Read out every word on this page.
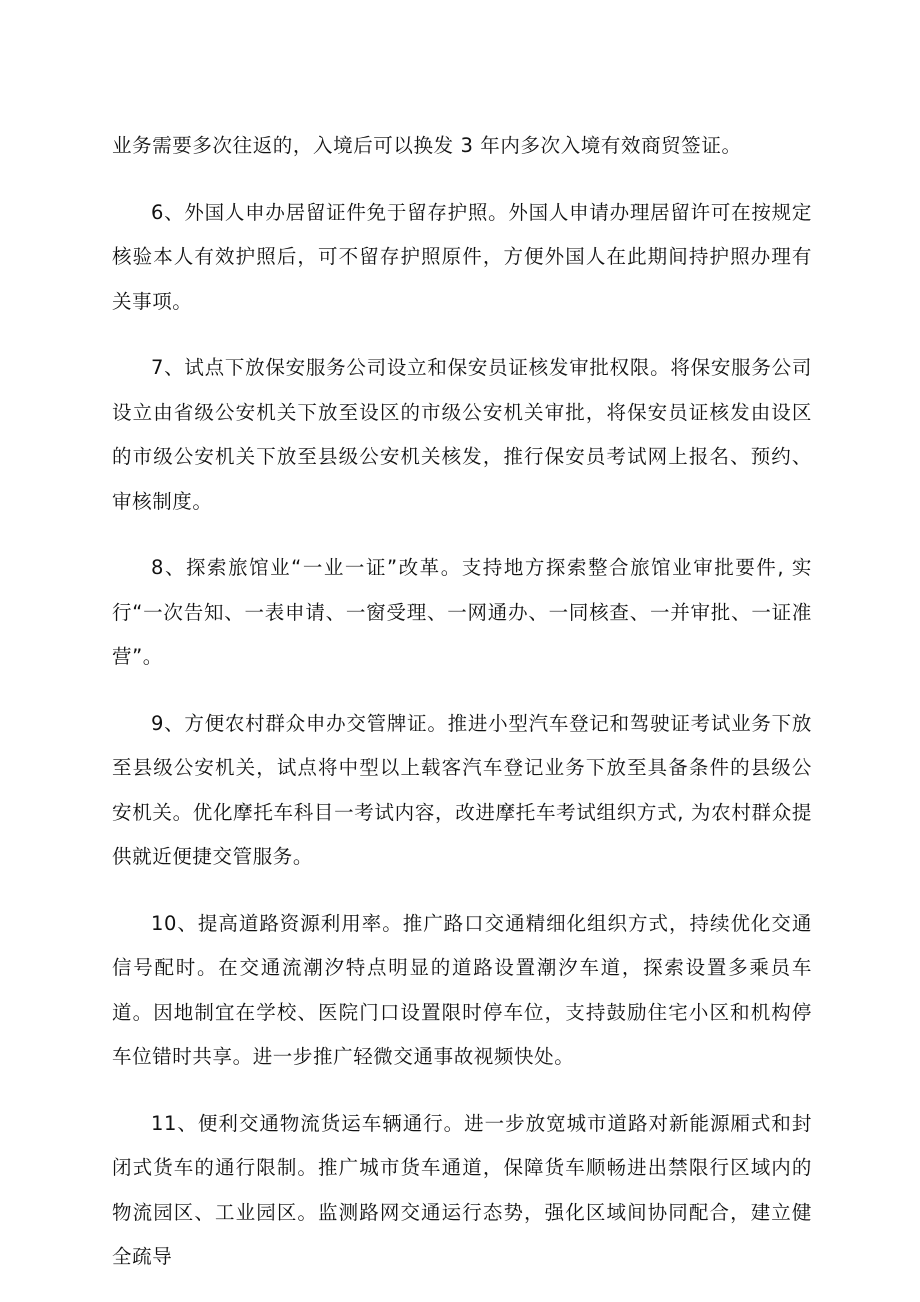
业务需要多次往返的，入境后可以换发 3 年内多次入境有效商贸签证。

6、外国人申办居留证件免于留存护照。外国人申请办理居留许可在按规定核验本人有效护照后，可不留存护照原件，方便外国人在此期间持护照办理有关事项。

7、试点下放保安服务公司设立和保安员证核发审批权限。将保安服务公司设立由省级公安机关下放至设区的市级公安机关审批，将保安员证核发由设区的市级公安机关下放至县级公安机关核发，推行保安员考试网上报名、预约、审核制度。

8、探索旅馆业“一业一证”改革。支持地方探索整合旅馆业审批要件, 实行“一次告知、一表申请、一窗受理、一网通办、一同核查、一并审批、一证准营”。

9、方便农村群众申办交管牌证。推进小型汽车登记和驾驶证考试业务下放至县级公安机关，试点将中型以上载客汽车登记业务下放至具备条件的县级公安机关。优化摩托车科目一考试内容，改进摩托车考试组织方式, 为农村群众提供就近便捷交管服务。

10、提高道路资源利用率。推广路口交通精细化组织方式，持续优化交通信号配时。在交通流潮汐特点明显的道路设置潮汐车道，探索设置多乘员车道。因地制宜在学校、医院门口设置限时停车位，支持鼓励住宅小区和机构停车位错时共享。进一步推广轻微交通事故视频快处。

11、便利交通物流货运车辆通行。进一步放宽城市道路对新能源厢式和封闭式货车的通行限制。推广城市货车通道，保障货车顺畅进出禁限行区域内的物流园区、工业园区。监测路网交通运行态势，强化区域间协同配合，建立健全疏导
